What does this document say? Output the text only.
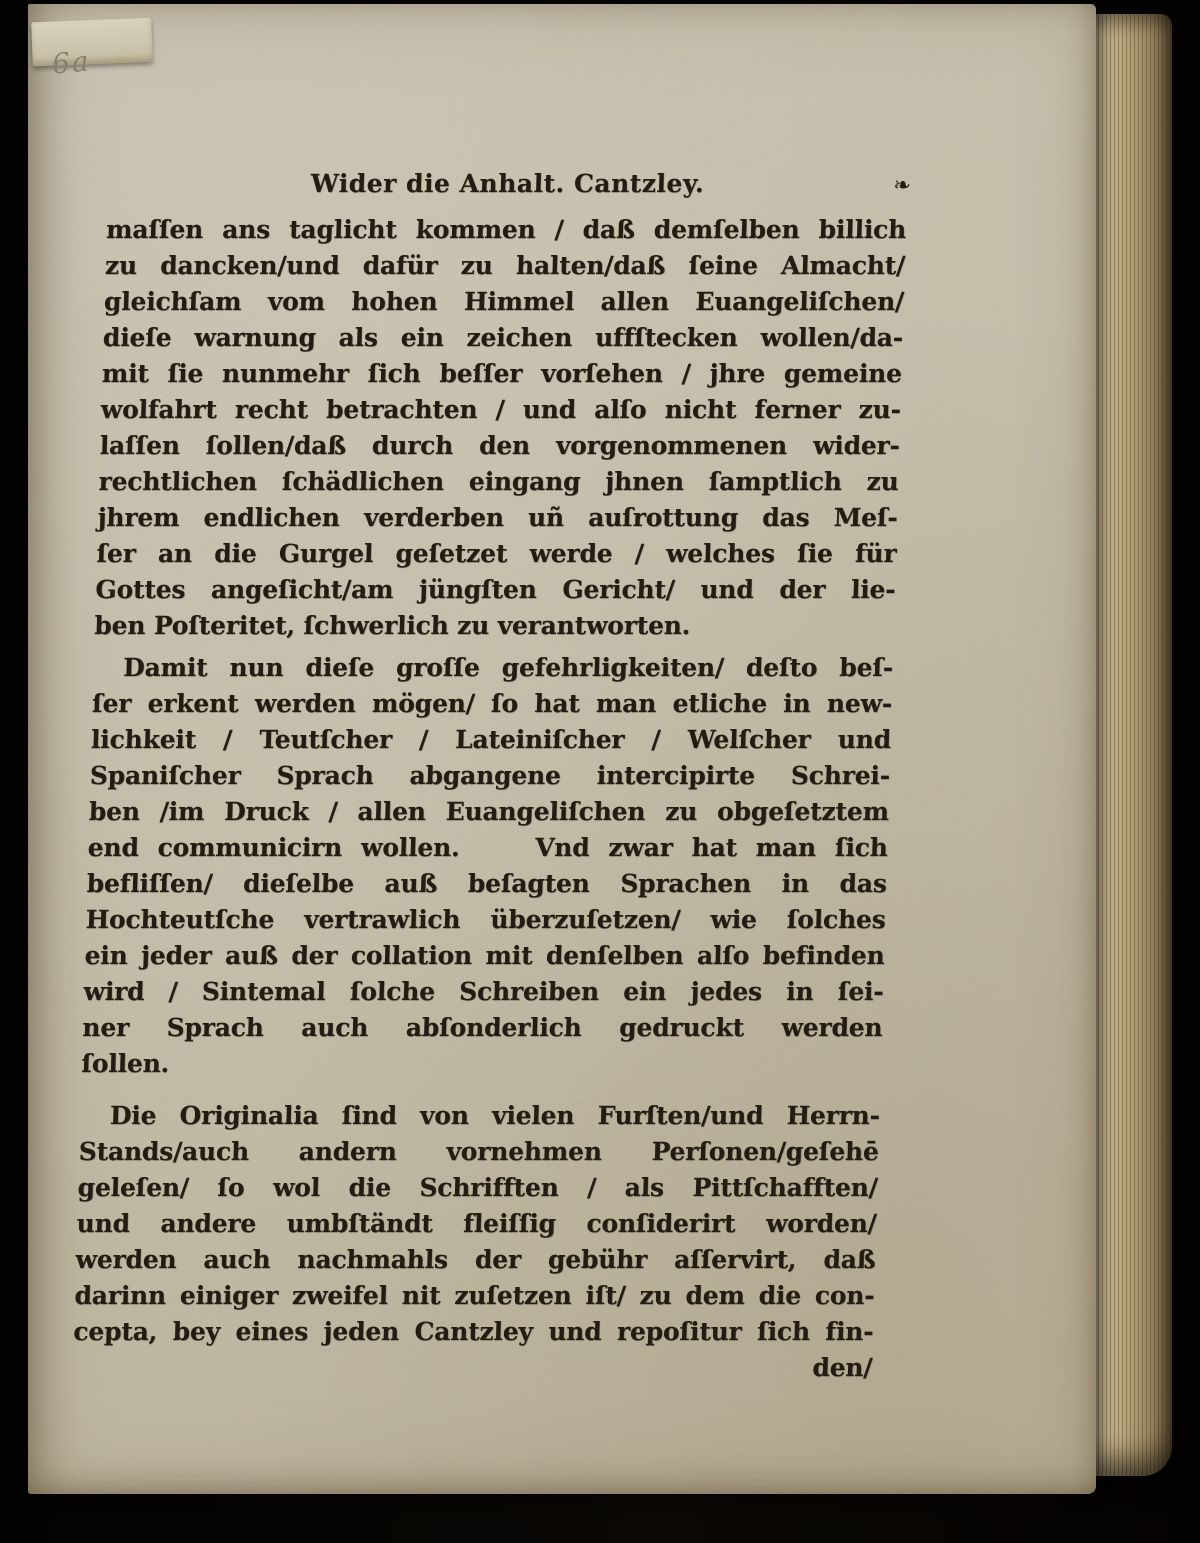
6a
Wider die Anhalt. Cantzley.	❧
maſſen ans taglicht kommen / daß demſelben billich
zu dancken/und dafür zu halten/daß ſeine Almacht/
gleichſam vom hohen Himmel allen Euangeliſchen/
dieſe warnung als ein zeichen uffſtecken wollen/da-
mit ſie nunmehr ſich beſſer vorſehen / jhre gemeine
wolfahrt recht betrachten / und alſo nicht ferner zu-
laſſen ſollen/daß durch den vorgenommenen wider-
rechtlichen ſchädlichen eingang jhnen ſamptlich zu
jhrem endlichen verderben uñ auſrottung das Meſ-
ſer an die Gurgel geſetzet werde / welches ſie für
Gottes angeſicht/am jüngſten Gericht/ und der lie-
ben Poſteritet, ſchwerlich zu verantworten.
Damit nun dieſe groſſe gefehrligkeiten/ deſto beſ-
ſer erkent werden mögen/ ſo hat man etliche in new-
lichkeit / Teutſcher / Lateiniſcher / Welſcher und
Spaniſcher Sprach abgangene intercipirte Schrei-
ben /im Druck / allen Euangeliſchen zu obgeſetztem
end communicirn wollen.    Vnd zwar hat man ſich
befliſſen/ dieſelbe auß beſagten Sprachen in das
Hochteutſche vertrawlich überzuſetzen/ wie ſolches
ein jeder auß der collation mit denſelben alſo befinden
wird / Sintemal ſolche Schreiben ein jedes in ſei-
ner Sprach auch abſonderlich gedruckt werden
ſollen.
Die Originalia ſind von vielen Furſten/und Herrn-
Stands/auch andern vornehmen Perſonen/geſehē
geleſen/ ſo wol die Schrifften / als Pittſchafften/
und andere umbſtändt fleiſſig conſiderirt worden/
werden auch nachmahls der gebühr aſſervirt, daß
darinn einiger zweifel nit zuſetzen iſt/ zu dem die con-
cepta, bey eines jeden Cantzley und repoſitur ſich fin-
den/
